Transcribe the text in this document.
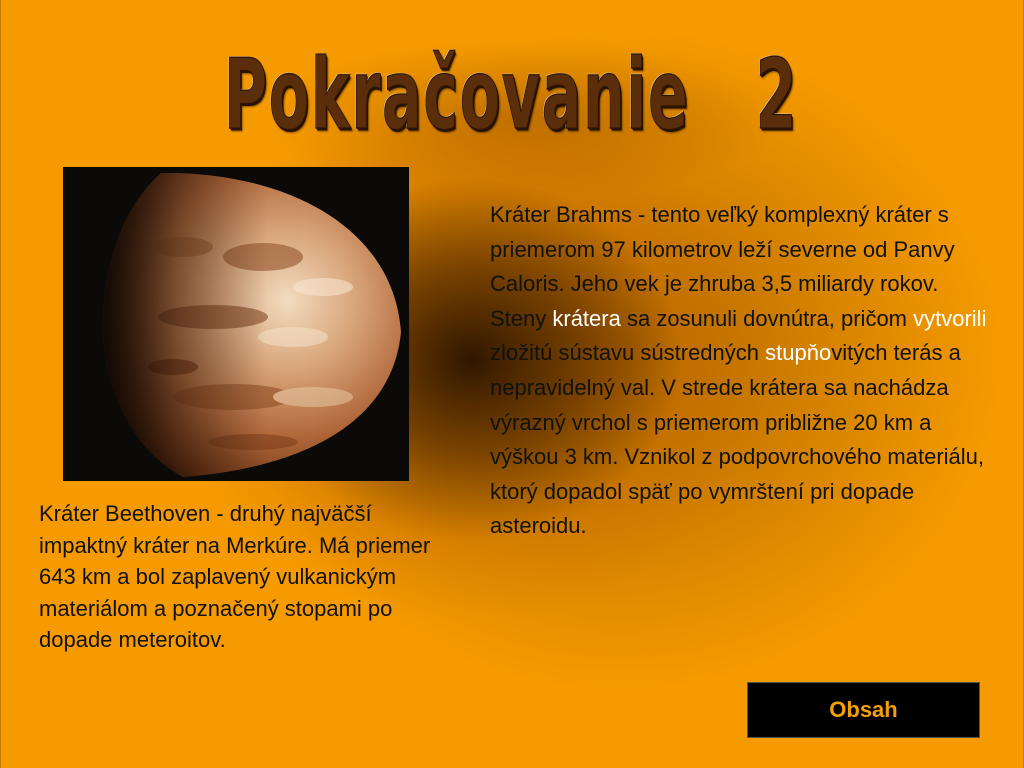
Pokračovanie   2
Kráter Beethoven - druhý najväčší impaktný kráter na Merkúre. Má priemer 643 km a bol zaplavený vulkanickým materiálom a poznačený stopami po dopade meteroitov.
Kráter Brahms - tento veľký komplexný kráter s priemerom 97 kilometrov leží severne od Panvy Caloris. Jeho vek je zhruba 3,5 miliardy rokov. Steny krátera sa zosunuli dovnútra, pričom vytvorili zložitú sústavu sústredných stupňovitých terás a nepravidelný val. V strede krátera sa nachádza výrazný vrchol s priemerom približne 20 km a výškou 3 km. Vznikol z podpovrchového materiálu, ktorý dopadol späť po vymrštení pri dopade asteroidu.
Obsah
